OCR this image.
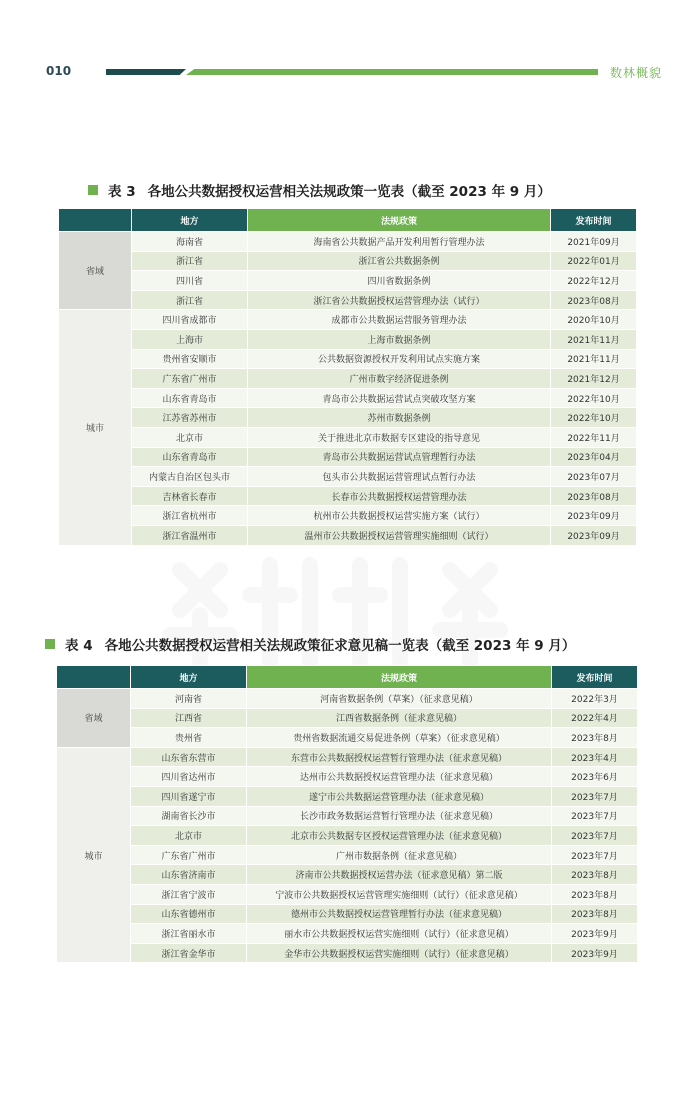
010	数林概貌
表 3 各地公共数据授权运营相关法规政策一览表（截至 2023 年 9 月）
	地方	法规政策	发布时间
省域	海南省	海南省公共数据产品开发利用暂行管理办法	2021年09月
	浙江省	浙江省公共数据条例	2022年01月
	四川省	四川省数据条例	2022年12月
	浙江省	浙江省公共数据授权运营管理办法（试行）	2023年08月
城市	四川省成都市	成都市公共数据运营服务管理办法	2020年10月
	上海市	上海市数据条例	2021年11月
	贵州省安顺市	公共数据资源授权开发利用试点实施方案	2021年11月
	广东省广州市	广州市数字经济促进条例	2021年12月
	山东省青岛市	青岛市公共数据运营试点突破攻坚方案	2022年10月
	江苏省苏州市	苏州市数据条例	2022年10月
	北京市	关于推进北京市数据专区建设的指导意见	2022年11月
	山东省青岛市	青岛市公共数据运营试点管理暂行办法	2023年04月
	内蒙古自治区包头市	包头市公共数据运营管理试点暂行办法	2023年07月
	吉林省长春市	长春市公共数据授权运营管理办法	2023年08月
	浙江省杭州市	杭州市公共数据授权运营实施方案（试行）	2023年09月
	浙江省温州市	温州市公共数据授权运营管理实施细则（试行）	2023年09月
表 4 各地公共数据授权运营相关法规政策征求意见稿一览表（截至 2023 年 9 月）
	地方	法规政策	发布时间
省域	河南省	河南省数据条例（草案）（征求意见稿）	2022年3月
	江西省	江西省数据条例（征求意见稿）	2022年4月
	贵州省	贵州省数据流通交易促进条例（草案）（征求意见稿）	2023年8月
城市	山东省东营市	东营市公共数据授权运营暂行管理办法（征求意见稿）	2023年4月
	四川省达州市	达州市公共数据授权运营管理办法（征求意见稿）	2023年6月
	四川省遂宁市	遂宁市公共数据运营管理办法（征求意见稿）	2023年7月
	湖南省长沙市	长沙市政务数据运营暂行管理办法（征求意见稿）	2023年7月
	北京市	北京市公共数据专区授权运营管理办法（征求意见稿）	2023年7月
	广东省广州市	广州市数据条例（征求意见稿）	2023年7月
	山东省济南市	济南市公共数据授权运营办法（征求意见稿）第二版	2023年8月
	浙江省宁波市	宁波市公共数据授权运营管理实施细则（试行）（征求意见稿）	2023年8月
	山东省德州市	德州市公共数据授权运营管理暂行办法（征求意见稿）	2023年8月
	浙江省丽水市	丽水市公共数据授权运营实施细则（试行）（征求意见稿）	2023年9月
	浙江省金华市	金华市公共数据授权运营实施细则（试行）（征求意见稿）	2023年9月
